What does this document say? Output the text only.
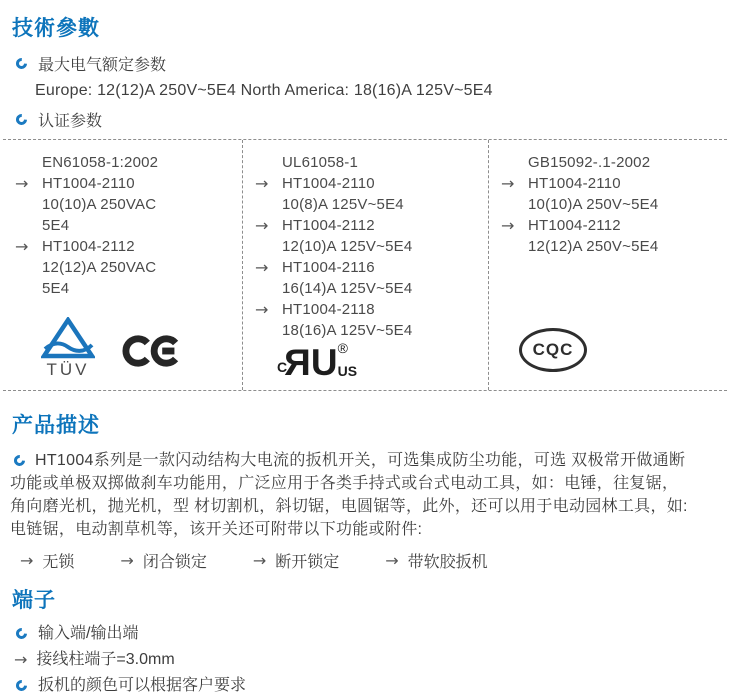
技術參數
最大电气额定参数
Europe: 12(12)A 250V~5E4 North America: 18(16)A 125V~5E4
认证参数
EN61058-1:2002
→ HT1004-2110
10(10)A 250VAC
5E4
→ HT1004-2112
12(12)A 250VAC
5E4
TÜV
UL61058-1
→ HT1004-2110
10(8)A 125V~5E4
→ HT1004-2112
12(10)A 125V~5E4
→ HT1004-2116
16(14)A 125V~5E4
→ HT1004-2118
18(16)A 125V~5E4
C RU ®
US
GB15092-.1-2002
→ HT1004-2110
10(10)A 250V~5E4
→ HT1004-2112
12(12)A 250V~5E4
CQC
产品描述
HT1004系列是一款闪动结构大电流的扳机开关，可选集成防尘功能，可选 双极常开做通断
功能或单极双掷做刹车功能用，广泛应用于各类手持式或台式电动工具，如：电锤，往复锯，
角向磨光机，抛光机，型 材切割机，斜切锯，电圆锯等，此外，还可以用于电动园林工具，如:
电链锯，电动割草机等，该开关还可附带以下功能或附件:
→ 无锁	→ 闭合锁定	→ 断开锁定	→ 带软胶扳机
端子
输入端/输出端
→ 接线柱端子=3.0mm
扳机的颜色可以根据客户要求
